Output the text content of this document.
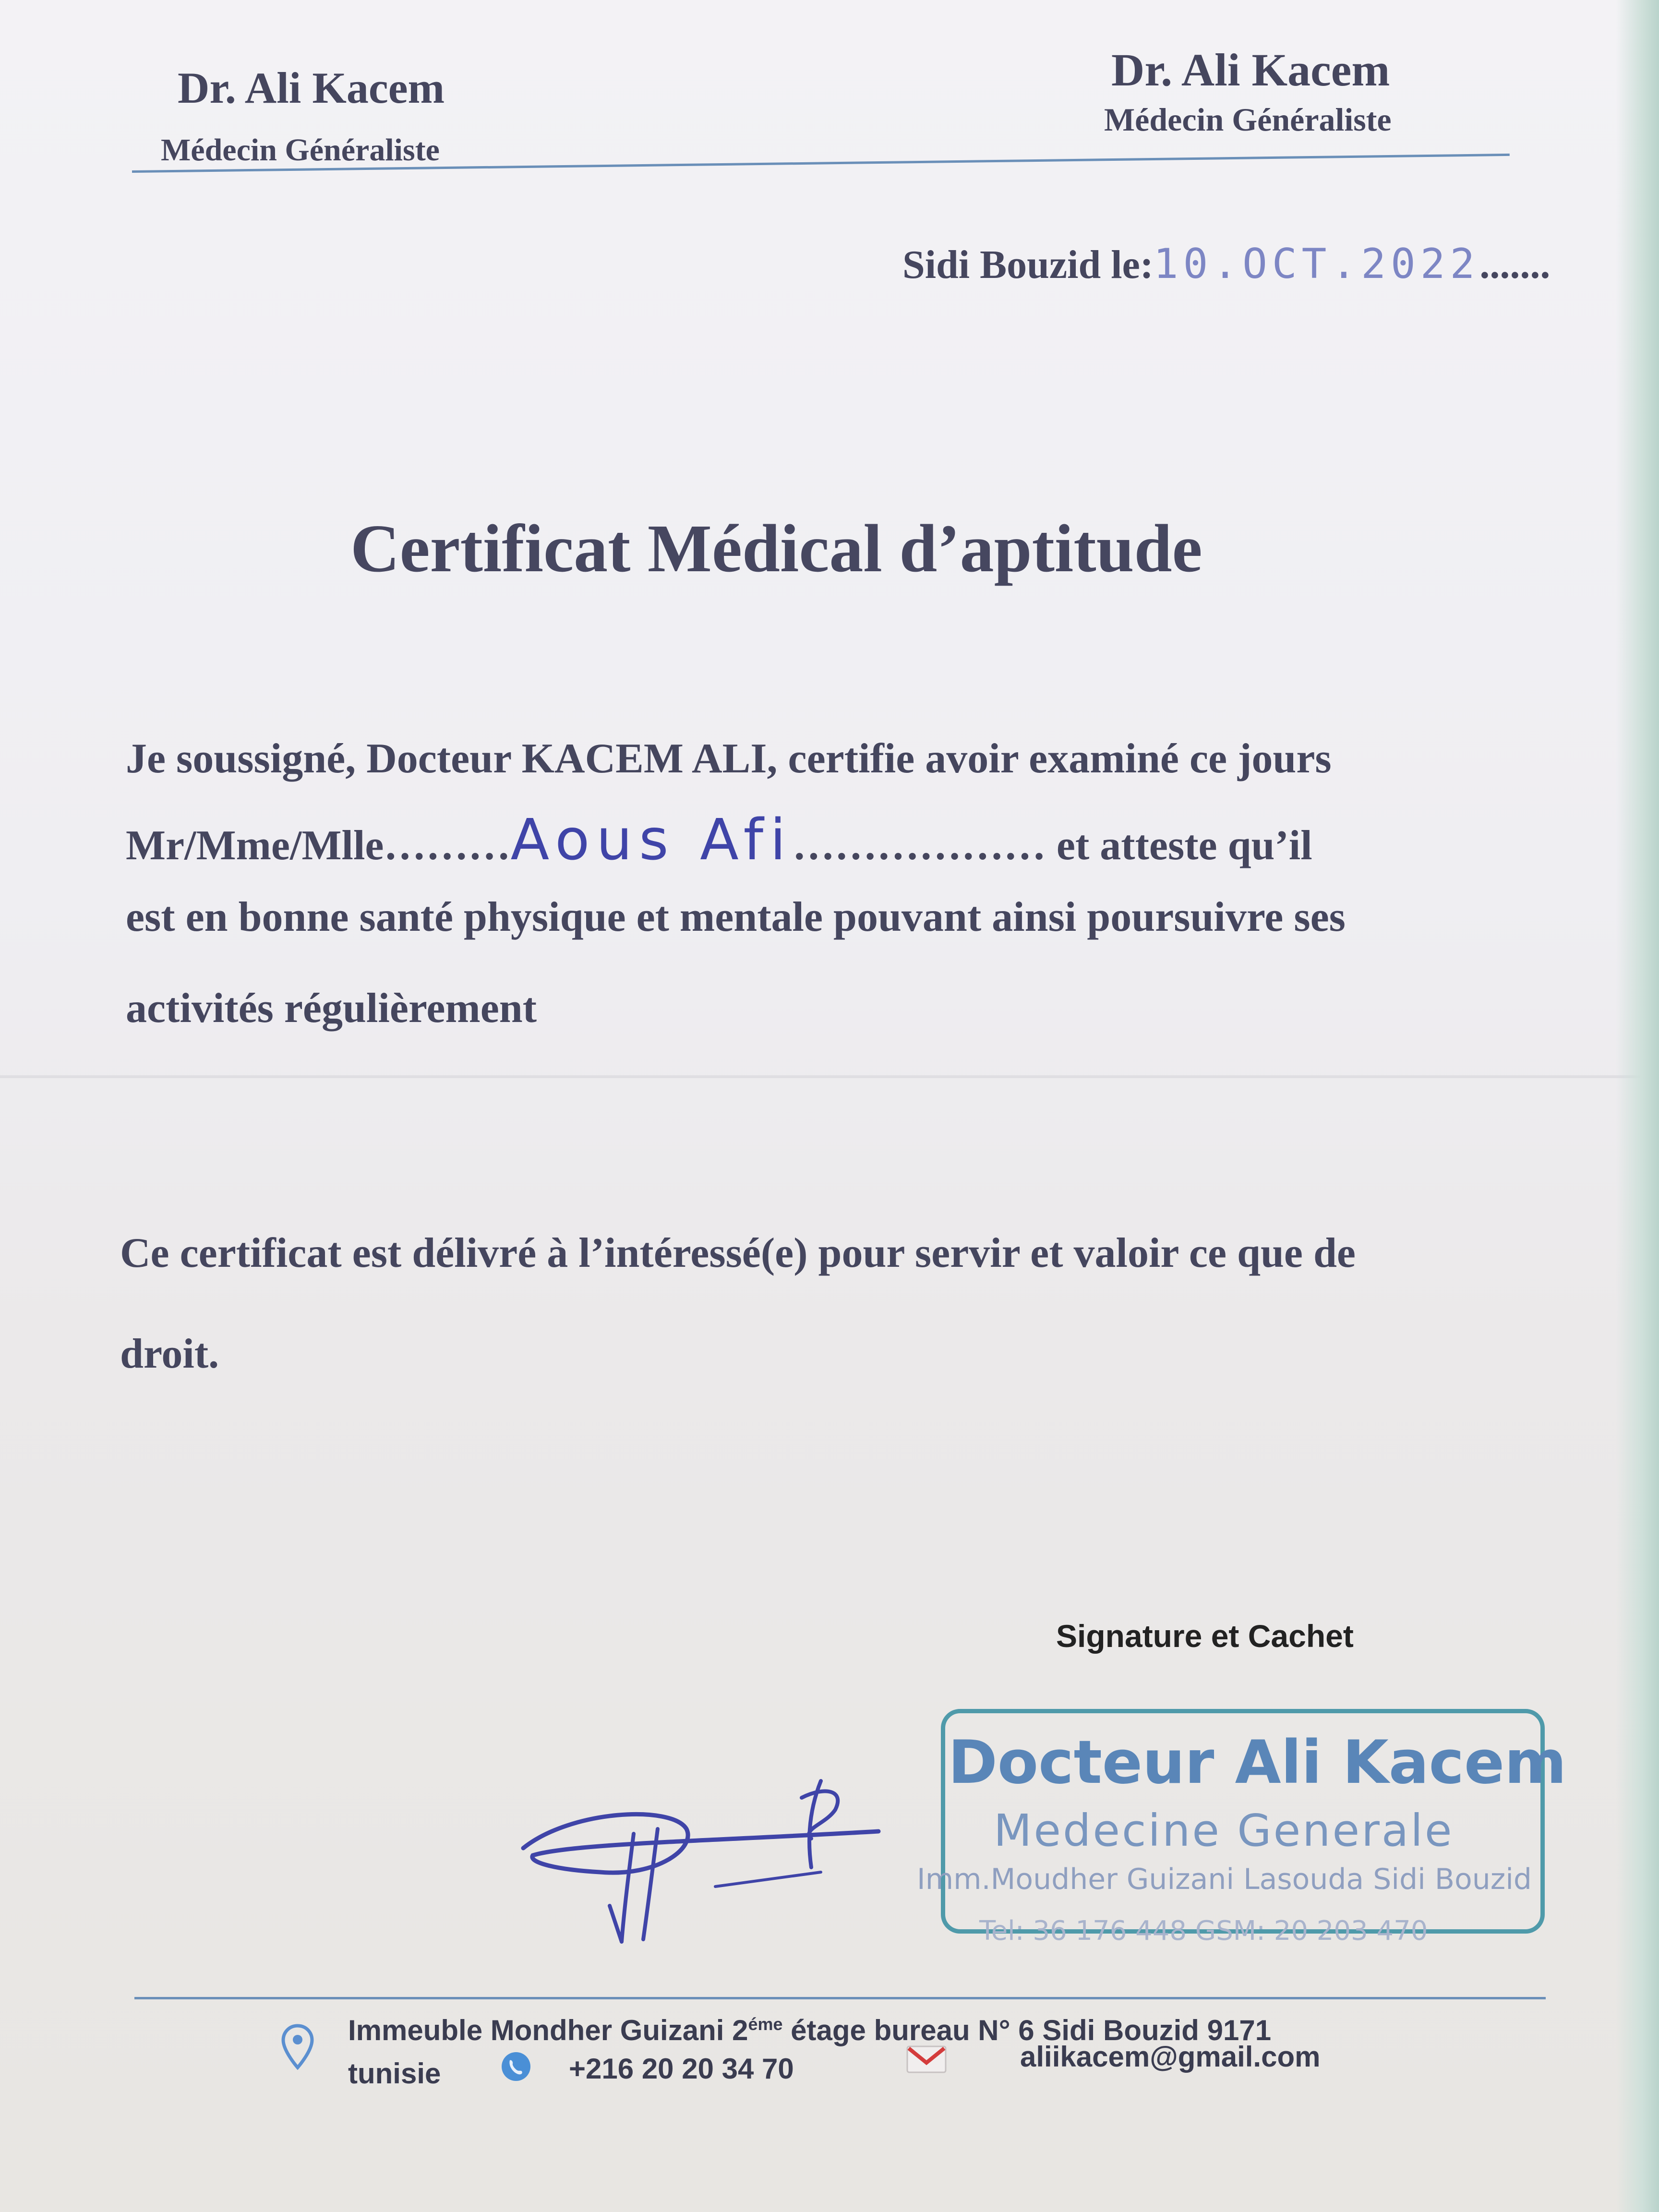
Dr. Ali Kacem
Médecin Généraliste
Dr. Ali Kacem
Médecin Généraliste
Sidi Bouzid le:10.OCT.2022.......
Certificat Médical d’aptitude
Je soussigné, Docteur KACEM ALI, certifie avoir examiné ce jours
Mr/Mme/Mlle………Aous Afi……………… et atteste qu’il
est en bonne santé physique et mentale pouvant ainsi poursuivre ses
activités régulièrement
Ce certificat est délivré à l’intéressé(e) pour servir et valoir ce que de
droit.
Signature et Cachet
Docteur Ali Kacem
Medecine Generale
Imm.Moudher Guizani Lasouda Sidi Bouzid
Tel: 36 176 448 GSM: 20 203 470
Immeuble Mondher Guizani $2^{éme}$ étage bureau N° 6 Sidi Bouzid 9171
tunisie	+216 20 20 34 70	aliikacem@gmail.com
